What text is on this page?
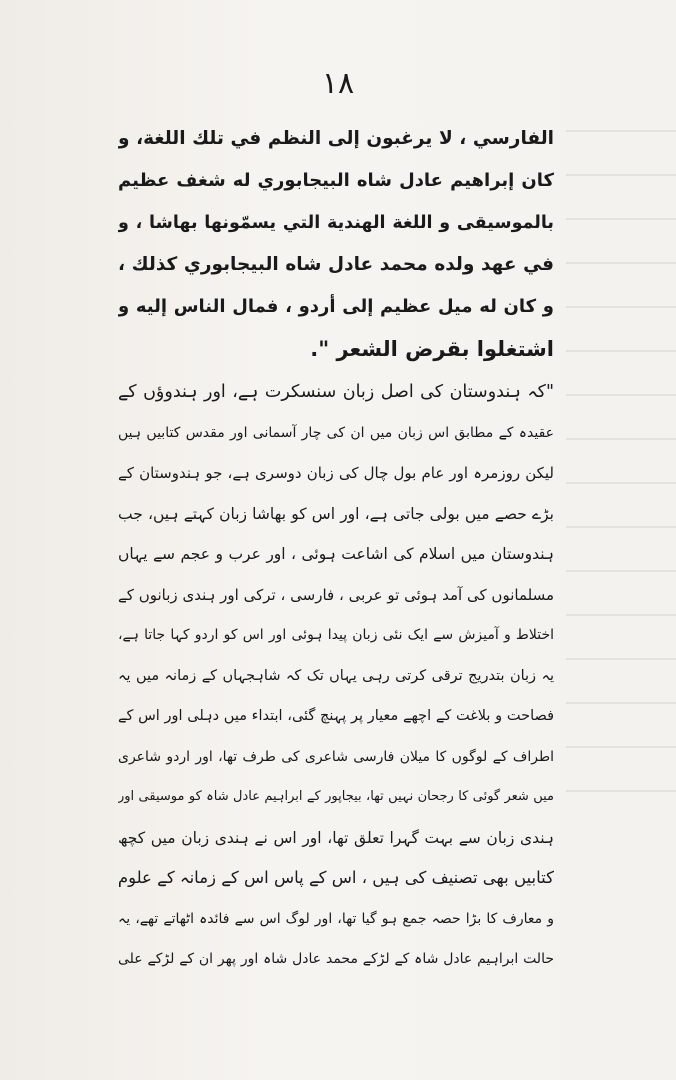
١٨
الفارسي ، لا يرغبون إلى النظم في تلك اللغة، و
كان إبراهيم عادل شاه البيجابوري له شغف عظيم
بالموسيقى و اللغة الهندية التي يسمّونها بهاشا ، و
في عهد ولده محمد عادل شاه البيجابوري كذلك ،
و كان له ميل عظيم إلى أردو ، فمال الناس إليه و
اشتغلوا بقرض الشعر ".
"کہ ہندوستان کی اصل زبان سنسکرت ہے، اور ہندوؤں کے
عقیدہ کے مطابق اس زبان میں ان کی چار آسمانی اور مقدس کتابیں ہیں
لیکن روزمرہ اور عام بول چال کی زبان دوسری ہے، جو ہندوستان کے
بڑے حصے میں بولی جاتی ہے، اور اس کو بھاشا زبان کہتے ہیں، جب
ہندوستان میں اسلام کی اشاعت ہوئی ، اور عرب و عجم سے یہاں
مسلمانوں کی آمد ہوئی تو عربی ، فارسی ، ترکی اور ہندی زبانوں کے
اختلاط و آمیزش سے ایک نئی زبان پیدا ہوئی اور اس کو اردو کہا جاتا ہے،
یہ زبان بتدریج ترقی کرتی رہی یہاں تک کہ شاہجہاں کے زمانہ میں یہ
فصاحت و بلاغت کے اچھے معیار پر پہنچ گئی، ابتداء میں دہلی اور اس کے
اطراف کے لوگوں کا میلان فارسی شاعری کی طرف تھا، اور اردو شاعری
میں شعر گوئی کا رجحان نہیں تھا، بیجاپور کے ابراہیم عادل شاہ کو موسیقی اور
ہندی زبان سے بہت گہرا تعلق تھا، اور اس نے ہندی زبان میں کچھ
کتابیں بھی تصنیف کی ہیں ، اس کے پاس اس کے زمانہ کے علوم
و معارف کا بڑا حصہ جمع ہو گیا تھا، اور لوگ اس سے فائدہ اٹھاتے تھے، یہ
حالت ابراہیم عادل شاہ کے لڑکے محمد عادل شاہ اور پھر ان کے لڑکے علی
